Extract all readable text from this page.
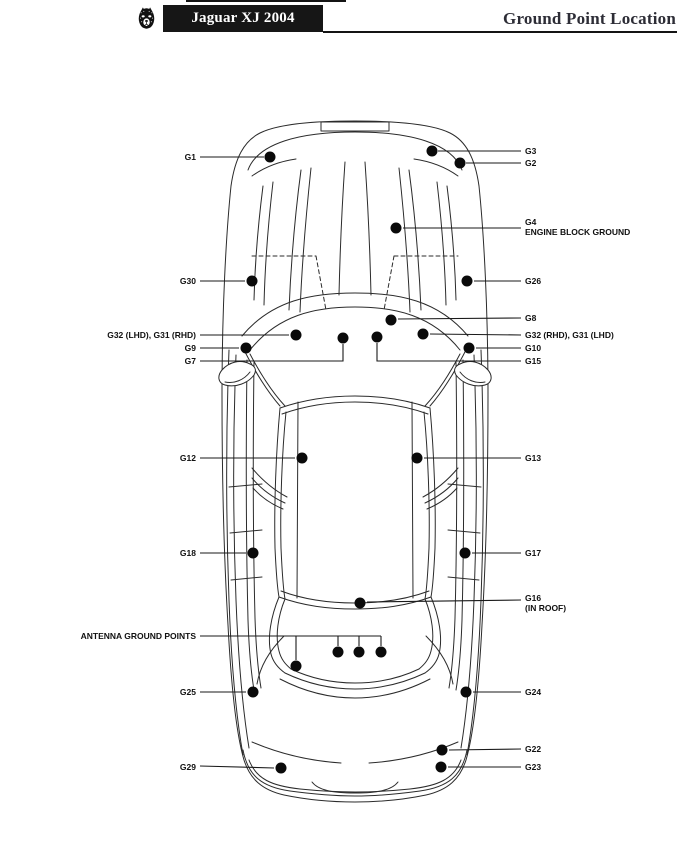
Jaguar XJ 2004	Ground Point Location
G1
G30
G32 (LHD), G31 (RHD)
G9
G7
G12
G18
ANTENNA GROUND POINTS
G25
G29
G3
G2
G4
ENGINE BLOCK GROUND
G26
G8
G32 (RHD), G31 (LHD)
G10
G15
G13
G17
G16
(IN ROOF)
G24
G22
G23
